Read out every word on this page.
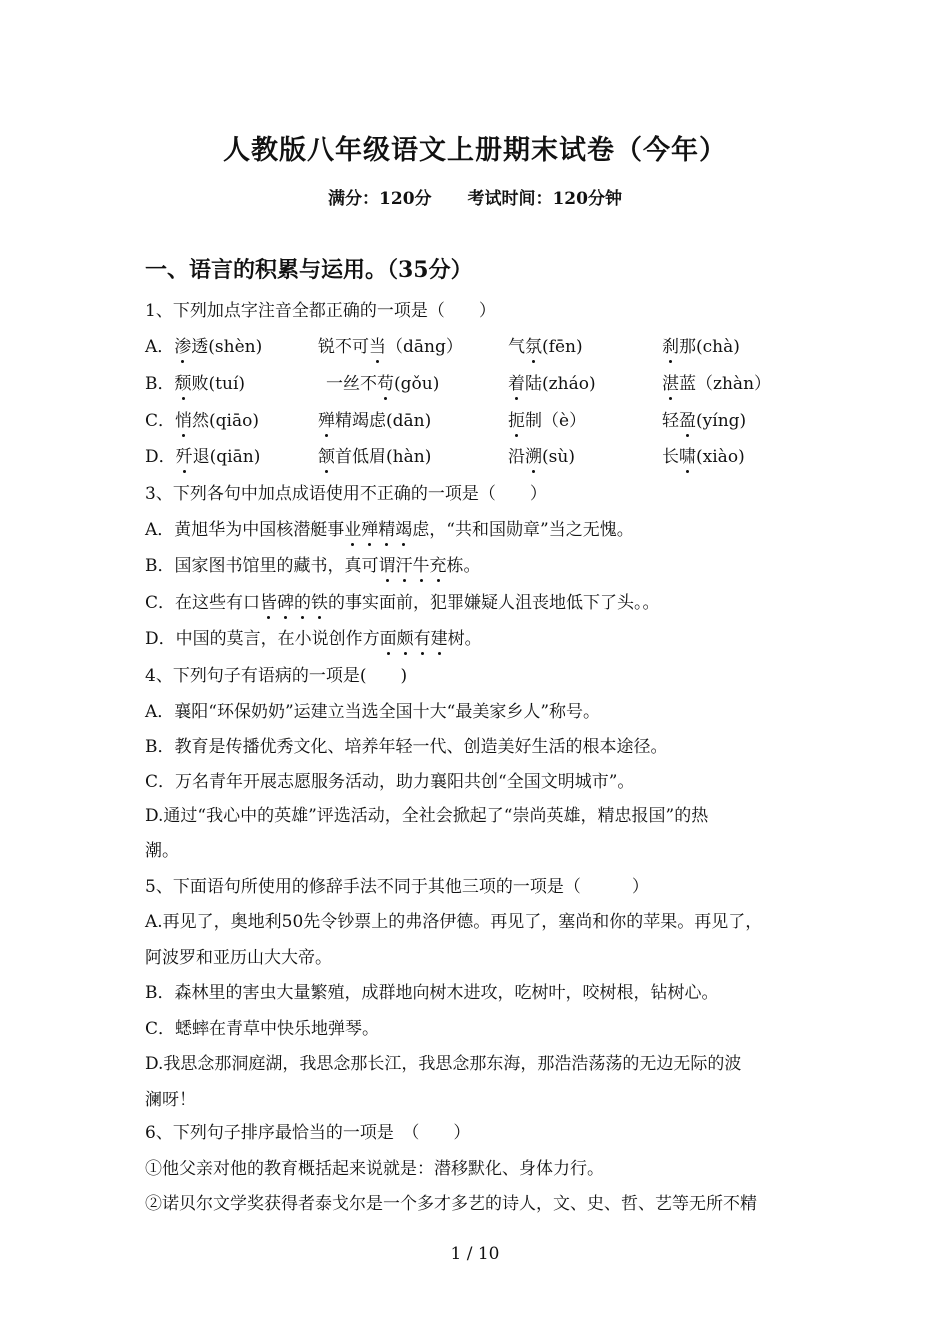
人教版八年级语文上册期末试卷（今年）
满分：120分 考试时间：120分钟
一、语言的积累与运用。（35分）
1、下列加点字注音全都正确的一项是（　　）
A．渗透(shèn)	锐不可当（dāng）	气氛(fēn)	刹那(chà)
B．颓败(tuí)	一丝不苟(gǒu)	着陆(zháo)	湛蓝（zhàn）
C．悄然(qiāo)	殚精竭虑(dān)	扼制（è）	轻盈(yíng)
D．歼退(qiān)	颔首低眉(hàn)	沿溯(sù)	长啸(xiào)
3、下列各句中加点成语使用不正确的一项是（　　）
A．黄旭华为中国核潜艇事业殚精竭虑，“共和国勋章”当之无愧。
B．国家图书馆里的藏书，真可谓汗牛充栋。
C．在这些有口皆碑的铁的事实面前，犯罪嫌疑人沮丧地低下了头。。
D．中国的莫言，在小说创作方面颇有建树。
4、下列句子有语病的一项是(　　)
A．襄阳“环保奶奶”运建立当选全国十大“最美家乡人”称号。
B．教育是传播优秀文化、培养年轻一代、创造美好生活的根本途径。
C．万名青年开展志愿服务活动，助力襄阳共创“全国文明城市”。
D.通过“我心中的英雄”评选活动，全社会掀起了“崇尚英雄，精忠报国”的热
潮。
5、下面语句所使用的修辞手法不同于其他三项的一项是（　　　）
A.再见了，奥地利50先令钞票上的弗洛伊德。再见了，塞尚和你的苹果。再见了，
阿波罗和亚历山大大帝。
B．森林里的害虫大量繁殖，成群地向树木进攻，吃树叶，咬树根，钻树心。
C．蟋蟀在青草中快乐地弹琴。
D.我思念那洞庭湖，我思念那长江，我思念那东海，那浩浩荡荡的无边无际的波
澜呀！
6、下列句子排序最恰当的一项是　（　　）
①他父亲对他的教育概括起来说就是：潜移默化、身体力行。
②诺贝尔文学奖获得者泰戈尔是一个多才多艺的诗人，文、史、哲、艺等无所不精
1 / 10
